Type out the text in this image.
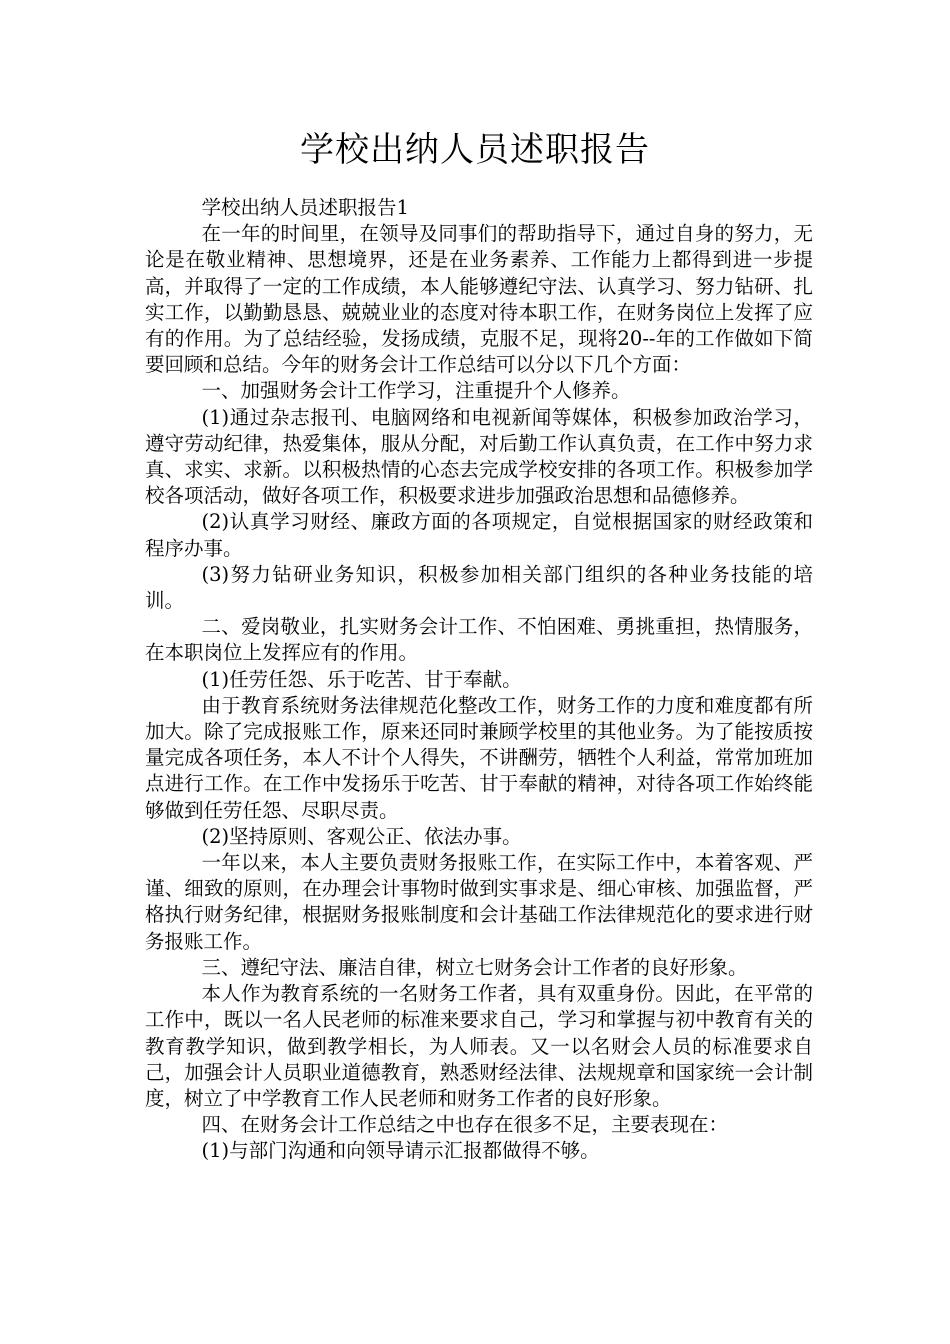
学校出纳人员述职报告

学校出纳人员述职报告1

在一年的时间里，在领导及同事们的帮助指导下，通过自身的努力，无论是在敬业精神、思想境界，还是在业务素养、工作能力上都得到进一步提高，并取得了一定的工作成绩，本人能够遵纪守法、认真学习、努力钻研、扎实工作，以勤勤恳恳、兢兢业业的态度对待本职工作，在财务岗位上发挥了应有的作用。为了总结经验，发扬成绩，克服不足，现将20--年的工作做如下简要回顾和总结。今年的财务会计工作总结可以分以下几个方面：

一、加强财务会计工作学习，注重提升个人修养。

(1)通过杂志报刊、电脑网络和电视新闻等媒体，积极参加政治学习，遵守劳动纪律，热爱集体，服从分配，对后勤工作认真负责，在工作中努力求真、求实、求新。以积极热情的心态去完成学校安排的各项工作。积极参加学校各项活动，做好各项工作，积极要求进步加强政治思想和品德修养。

(2)认真学习财经、廉政方面的各项规定，自觉根据国家的财经政策和程序办事。

(3)努力钻研业务知识，积极参加相关部门组织的各种业务技能的培训。

二、爱岗敬业，扎实财务会计工作、不怕困难、勇挑重担，热情服务，在本职岗位上发挥应有的作用。

(1)任劳任怨、乐于吃苦、甘于奉献。

由于教育系统财务法律规范化整改工作，财务工作的力度和难度都有所加大。除了完成报账工作，原来还同时兼顾学校里的其他业务。为了能按质按量完成各项任务，本人不计个人得失，不讲酬劳，牺牲个人利益，常常加班加点进行工作。在工作中发扬乐于吃苦、甘于奉献的精神，对待各项工作始终能够做到任劳任怨、尽职尽责。

(2)坚持原则、客观公正、依法办事。

一年以来，本人主要负责财务报账工作，在实际工作中，本着客观、严谨、细致的原则，在办理会计事物时做到实事求是、细心审核、加强监督，严格执行财务纪律，根据财务报账制度和会计基础工作法律规范化的要求进行财务报账工作。

三、遵纪守法、廉洁自律，树立七财务会计工作者的良好形象。

本人作为教育系统的一名财务工作者，具有双重身份。因此，在平常的工作中，既以一名人民老师的标准来要求自己，学习和掌握与初中教育有关的教育教学知识，做到教学相长，为人师表。又一以名财会人员的标准要求自己，加强会计人员职业道德教育，熟悉财经法律、法规规章和国家统一会计制度，树立了中学教育工作人民老师和财务工作者的良好形象。

四、在财务会计工作总结之中也存在很多不足，主要表现在：

(1)与部门沟通和向领导请示汇报都做得不够。
